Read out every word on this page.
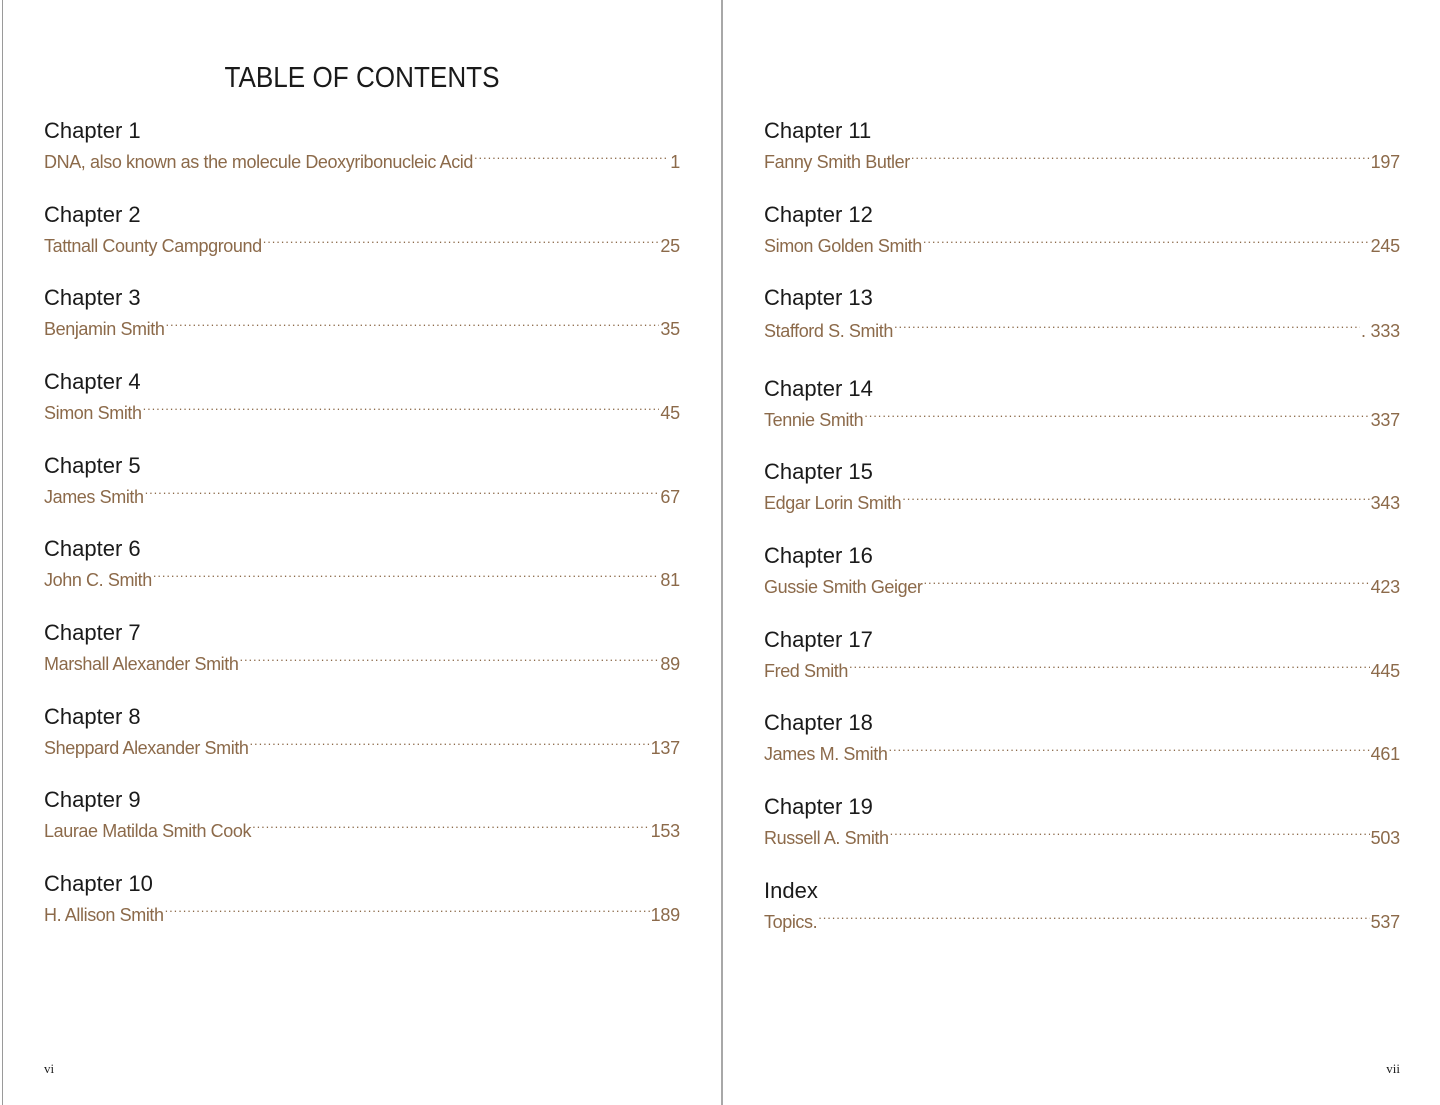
TABLE OF CONTENTS
Chapter 1
DNA, also known as the molecule Deoxyribonucleic Acid .....	1
Chapter 2
Tattnall County Campground .....	25
Chapter 3
Benjamin Smith .....	35
Chapter 4
Simon Smith .....	45
Chapter 5
James Smith .....	67
Chapter 6
John C. Smith .....	81
Chapter 7
Marshall Alexander Smith .....	89
Chapter 8
Sheppard Alexander Smith .....	137
Chapter 9
Laurae Matilda Smith Cook .....	153
Chapter 10
H. Allison Smith .....	189
vi
Chapter 11
Fanny Smith Butler .....	197
Chapter 12
Simon Golden Smith .....	245
Chapter 13
Stafford S. Smith .....	. 333
Chapter 14
Tennie Smith .....	337
Chapter 15
Edgar Lorin Smith .....	343
Chapter 16
Gussie Smith Geiger .....	423
Chapter 17
Fred Smith .....	445
Chapter 18
James M. Smith .....	461
Chapter 19
Russell A. Smith .....	503
Index
Topics. .....	537
vii
